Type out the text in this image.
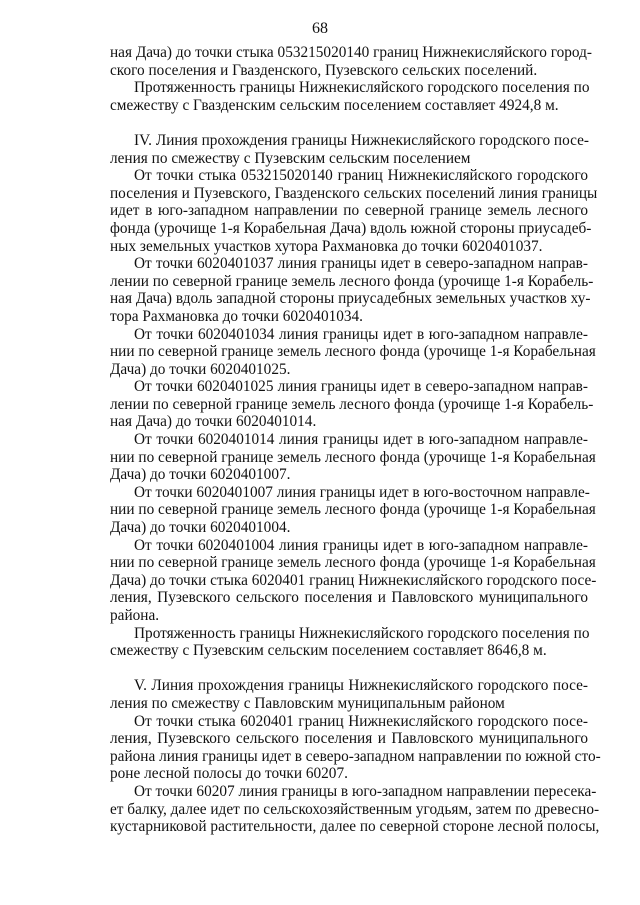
68
ная Дача) до точки стыка 053215020140 границ Нижнекисляйского город-
ского поселения и Гвазденского, Пузевского сельских поселений.
Протяженность границы Нижнекисляйского городского поселения по
смежеству с Гвазденским сельским поселением составляет 4924,8 м.
IV. Линия прохождения границы Нижнекисляйского городского посе-
ления по смежеству с Пузевским сельским поселением
От точки стыка 053215020140 границ Нижнекисляйского городского
поселения и Пузевского, Гвазденского сельских поселений линия границы
идет в юго-западном направлении по северной границе земель лесного
фонда (урочище 1-я Корабельная Дача) вдоль южной стороны приусадеб-
ных земельных участков хутора Рахмановка до точки 6020401037.
От точки 6020401037 линия границы идет в северо-западном направ-
лении по северной границе земель лесного фонда (урочище 1-я Корабель-
ная Дача) вдоль западной стороны приусадебных земельных участков ху-
тора Рахмановка до точки 6020401034.
От точки 6020401034 линия границы идет в юго-западном направле-
нии по северной границе земель лесного фонда (урочище 1-я Корабельная
Дача) до точки 6020401025.
От точки 6020401025 линия границы идет в северо-западном направ-
лении по северной границе земель лесного фонда (урочище 1-я Корабель-
ная Дача) до точки 6020401014.
От точки 6020401014 линия границы идет в юго-западном направле-
нии по северной границе земель лесного фонда (урочище 1-я Корабельная
Дача) до точки 6020401007.
От точки 6020401007 линия границы идет в юго-восточном направле-
нии по северной границе земель лесного фонда (урочище 1-я Корабельная
Дача) до точки 6020401004.
От точки 6020401004 линия границы идет в юго-западном направле-
нии по северной границе земель лесного фонда (урочище 1-я Корабельная
Дача) до точки стыка 6020401 границ Нижнекисляйского городского посе-
ления, Пузевского сельского поселения и Павловского муниципального
района.
Протяженность границы Нижнекисляйского городского поселения по
смежеству с Пузевским сельским поселением составляет 8646,8 м.
V. Линия прохождения границы Нижнекисляйского городского посе-
ления по смежеству с Павловским муниципальным районом
От точки стыка 6020401 границ Нижнекисляйского городского посе-
ления, Пузевского сельского поселения и Павловского муниципального
района линия границы идет в северо-западном направлении по южной сто-
роне лесной полосы до точки 60207.
От точки 60207 линия границы в юго-западном направлении пересека-
ет балку, далее идет по сельскохозяйственным угодьям, затем по древесно-
кустарниковой растительности, далее по северной стороне лесной полосы,
